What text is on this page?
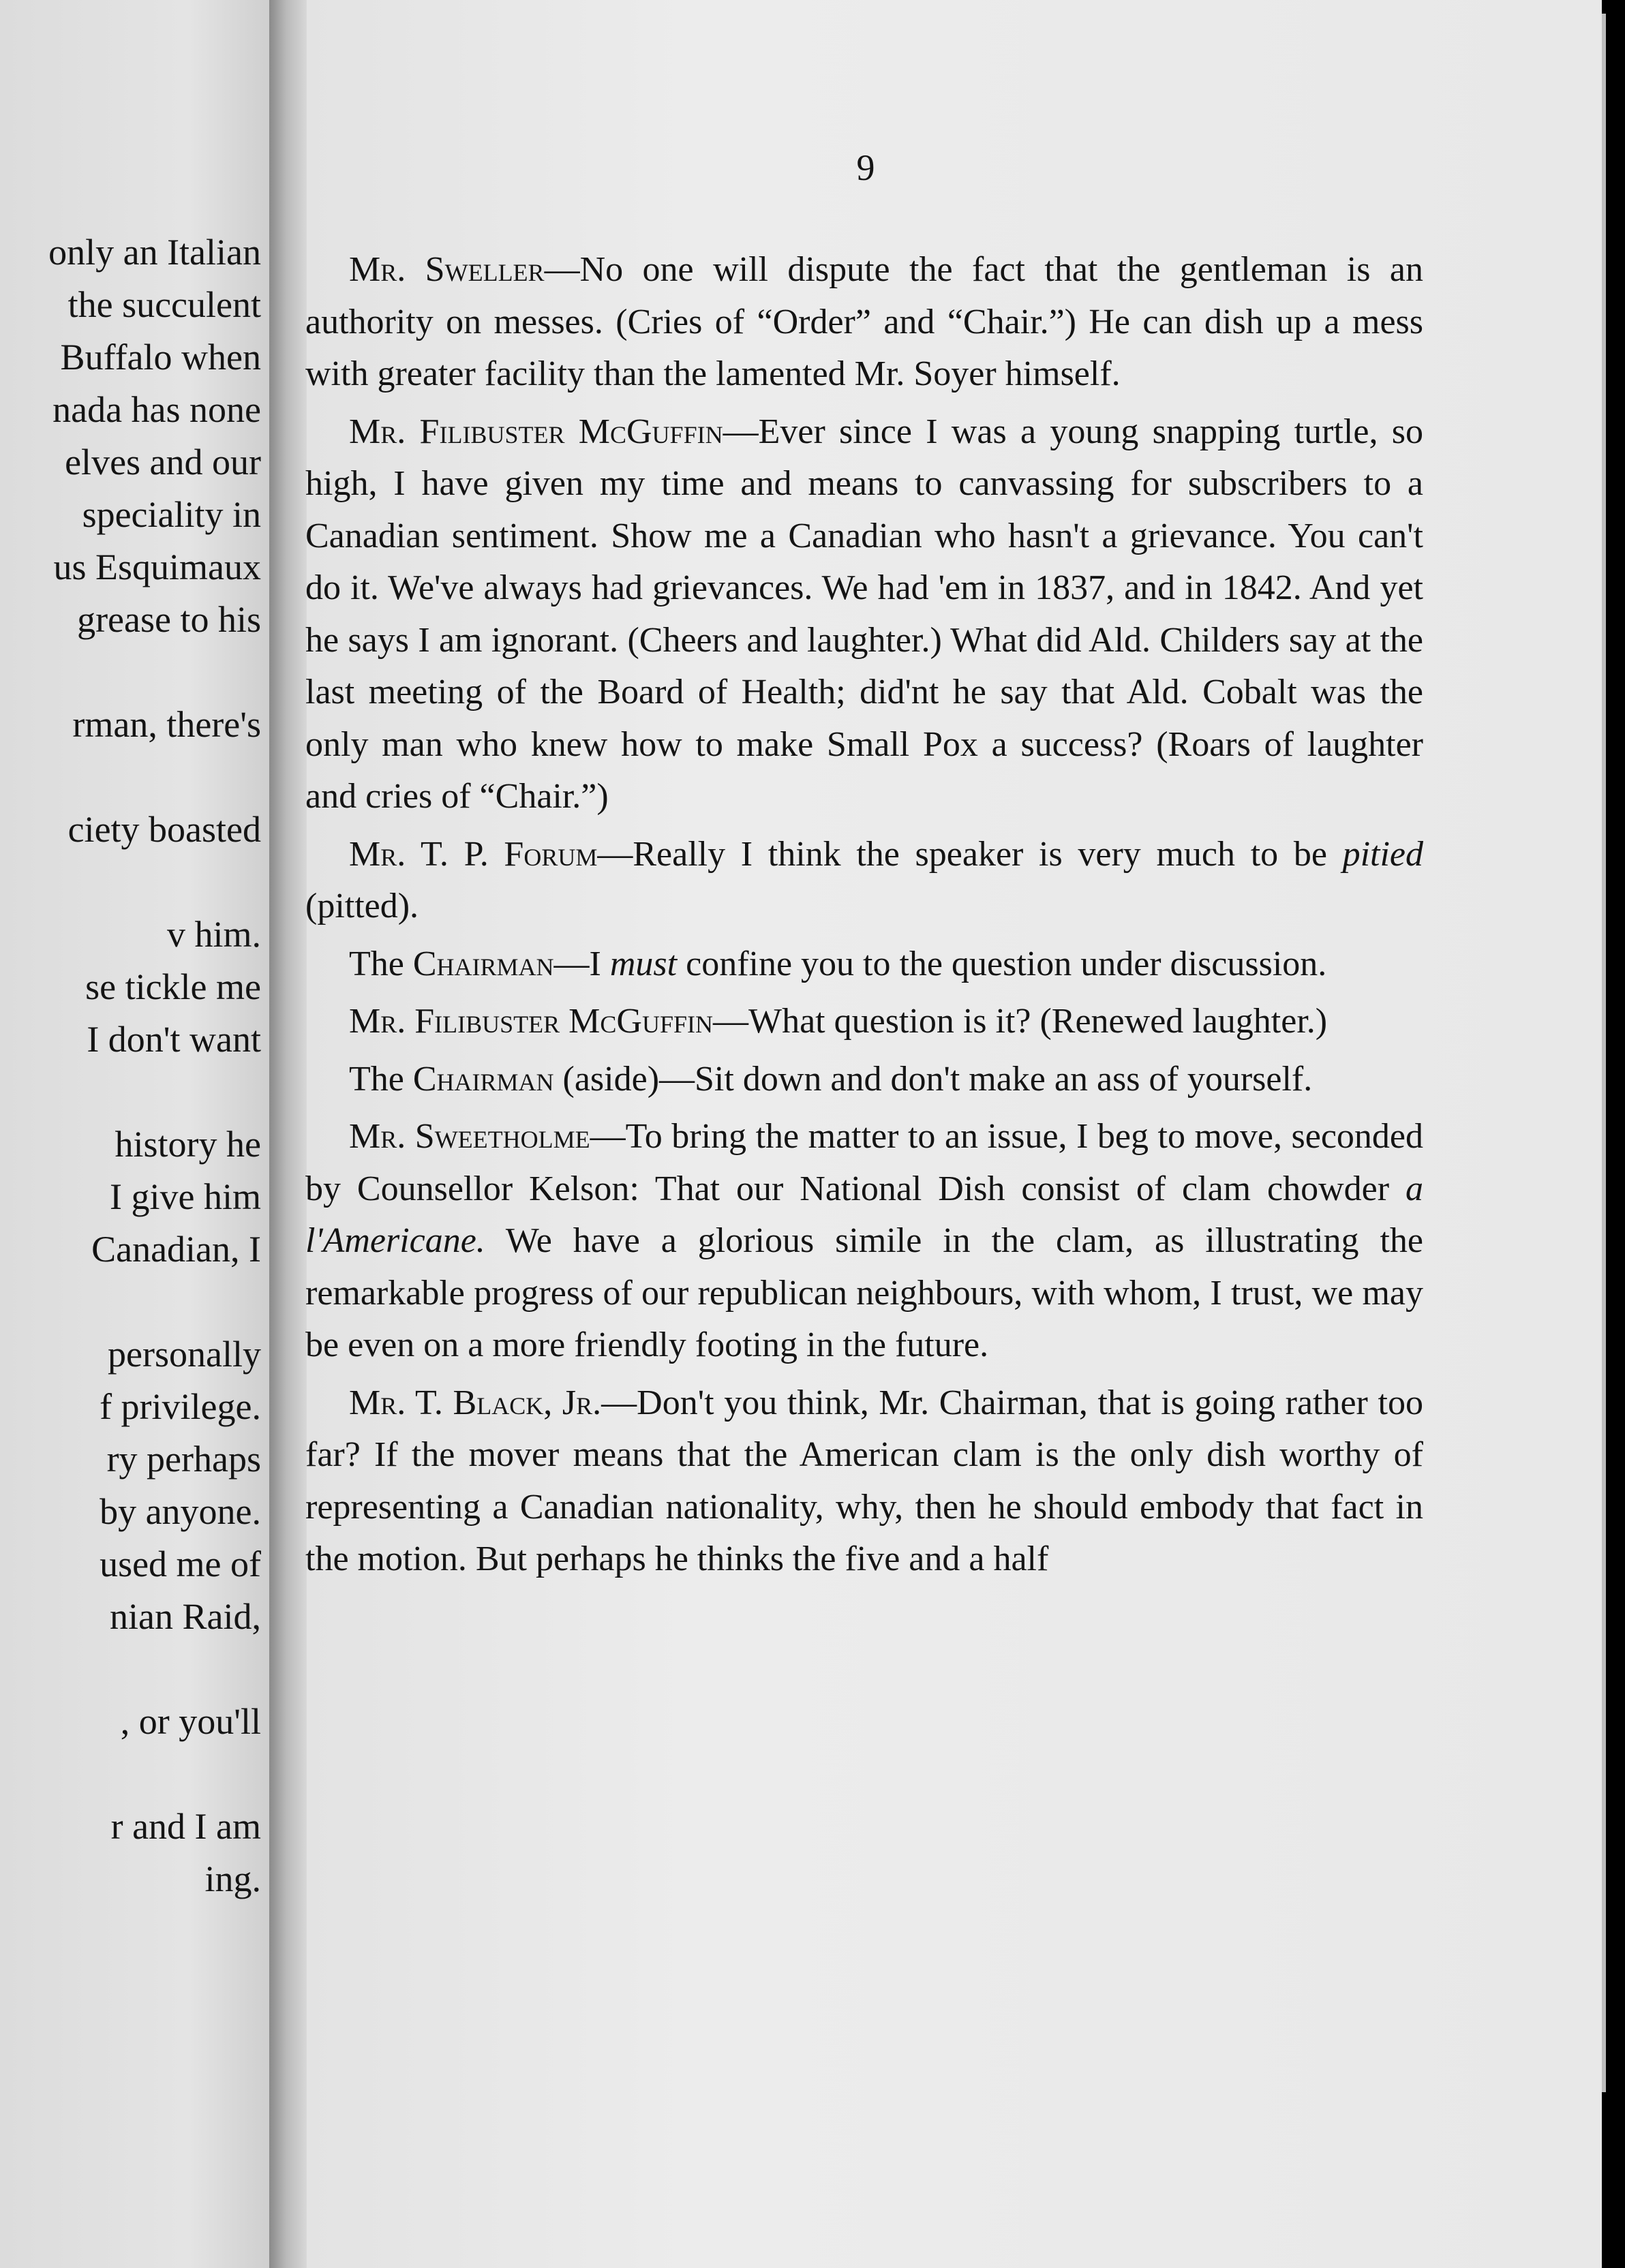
only an Italian
the succulent
Buffalo when
nada has none
elves and our
speciality in
us Esquimaux
grease to his
rman, there's
ciety boasted
v him.
se tickle me
I don't want
history he
I give him
Canadian, I
personally
f privilege.
ry perhaps
by anyone.
used me of
nian Raid,
, or you'll
r and I am
ing.
9

Mr. Sweller—No one will dispute the fact that the gentleman is an authority on messes. (Cries of “Order” and “Chair.”) He can dish up a mess with greater facility than the lamented Mr. Soyer himself.

Mr. Filibuster McGuffin—Ever since I was a young snapping turtle, so high, I have given my time and means to canvassing for subscribers to a Canadian sentiment. Show me a Canadian who hasn't a grievance. You can't do it. We've always had grievances. We had 'em in 1837, and in 1842. And yet he says I am ignorant. (Cheers and laughter.) What did Ald. Childers say at the last meeting of the Board of Health; did'nt he say that Ald. Cobalt was the only man who knew how to make Small Pox a success? (Roars of laughter and cries of “Chair.”)

Mr. T. P. Forum—Really I think the speaker is very much to be pitied (pitted).

The Chairman—I must confine you to the question under discussion.

Mr. Filibuster McGuffin—What question is it? (Renewed laughter.)

The Chairman (aside)—Sit down and don't make an ass of yourself.

Mr. Sweetholme—To bring the matter to an issue, I beg to move, seconded by Counsellor Kelson: That our National Dish consist of clam chowder a l'Americane. We have a glorious simile in the clam, as illustrating the remarkable progress of our republican neighbours, with whom, I trust, we may be even on a more friendly footing in the future.

Mr. T. Black, Jr.—Don't you think, Mr. Chairman, that is going rather too far? If the mover means that the American clam is the only dish worthy of representing a Canadian nationality, why, then he should embody that fact in the motion. But perhaps he thinks the five and a half
